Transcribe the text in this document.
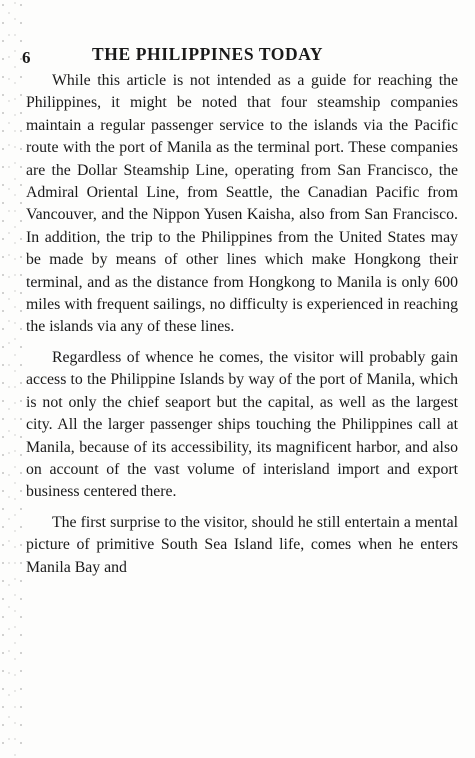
6	THE PHILIPPINES TODAY

While this article is not intended as a guide for reaching the Philippines, it might be noted that four steamship companies maintain a regular passenger service to the islands via the Pacific route with the port of Manila as the terminal port. These companies are the Dollar Steamship Line, operating from San Francisco, the Admiral Oriental Line, from Seattle, the Canadian Pacific from Vancouver, and the Nippon Yusen Kaisha, also from San Francisco. In addition, the trip to the Philippines from the United States may be made by means of other lines which make Hongkong their terminal, and as the distance from Hongkong to Manila is only 600 miles with frequent sailings, no difficulty is experienced in reaching the islands via any of these lines.

Regardless of whence he comes, the visitor will probably gain access to the Philippine Islands by way of the port of Manila, which is not only the chief seaport but the capital, as well as the largest city. All the larger passenger ships touching the Philippines call at Manila, because of its accessibility, its magnificent harbor, and also on account of the vast volume of interisland import and export business centered there.

The first surprise to the visitor, should he still entertain a mental picture of primitive South Sea Island life, comes when he enters Manila Bay and
